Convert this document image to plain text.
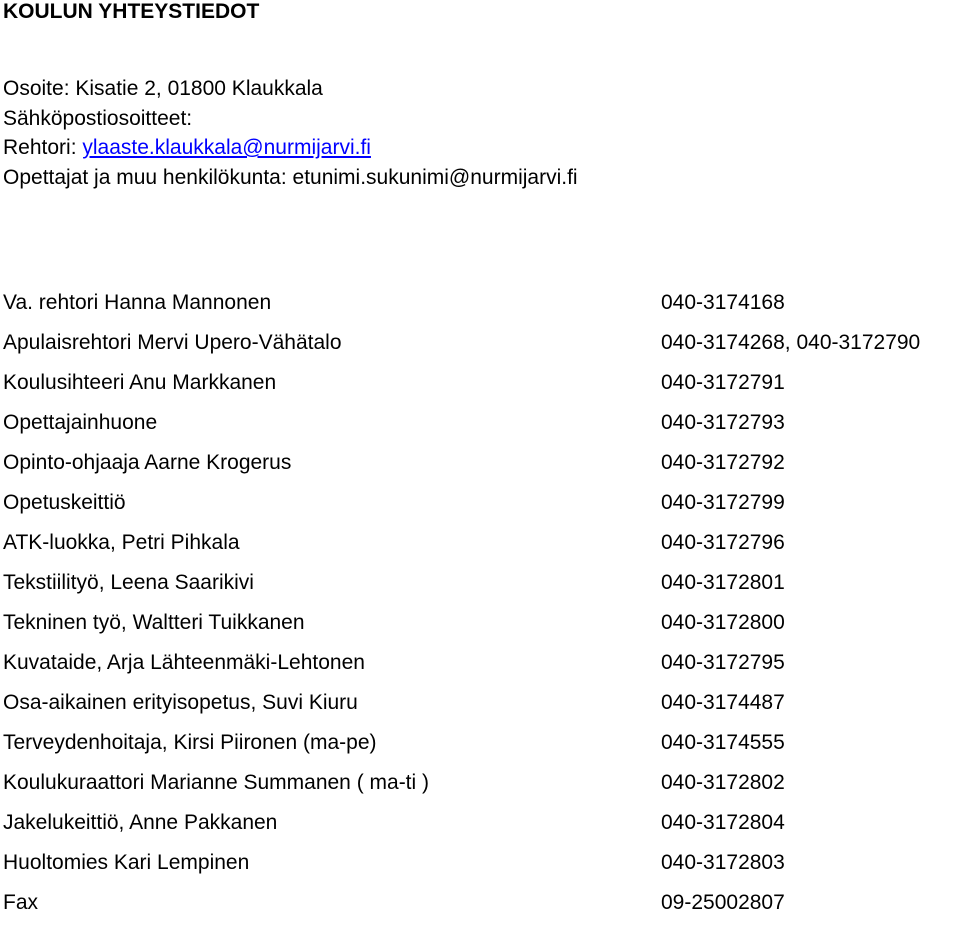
KOULUN YHTEYSTIEDOT
Osoite: Kisatie 2, 01800 Klaukkala
Sähköpostiosoitteet:
Rehtori: ylaaste.klaukkala@nurmijarvi.fi
Opettajat ja muu henkilökunta: etunimi.sukunimi@nurmijarvi.fi
Va. rehtori Hanna Mannonen	040-3174168
Apulaisrehtori Mervi Upero-Vähätalo	040-3174268, 040-3172790
Koulusihteeri Anu Markkanen	040-3172791
Opettajainhuone	040-3172793
Opinto-ohjaaja Aarne Krogerus	040-3172792
Opetuskeittiö	040-3172799
ATK-luokka, Petri Pihkala	040-3172796
Tekstiilityö, Leena Saarikivi	040-3172801
Tekninen työ, Waltteri Tuikkanen	040-3172800
Kuvataide, Arja Lähteenmäki-Lehtonen	040-3172795
Osa-aikainen erityisopetus, Suvi Kiuru	040-3174487
Terveydenhoitaja, Kirsi Piironen (ma-pe)	040-3174555
Koulukuraattori Marianne Summanen ( ma-ti )	040-3172802
Jakelukeittiö, Anne Pakkanen	040-3172804
Huoltomies Kari Lempinen	040-3172803
Fax	09-25002807
